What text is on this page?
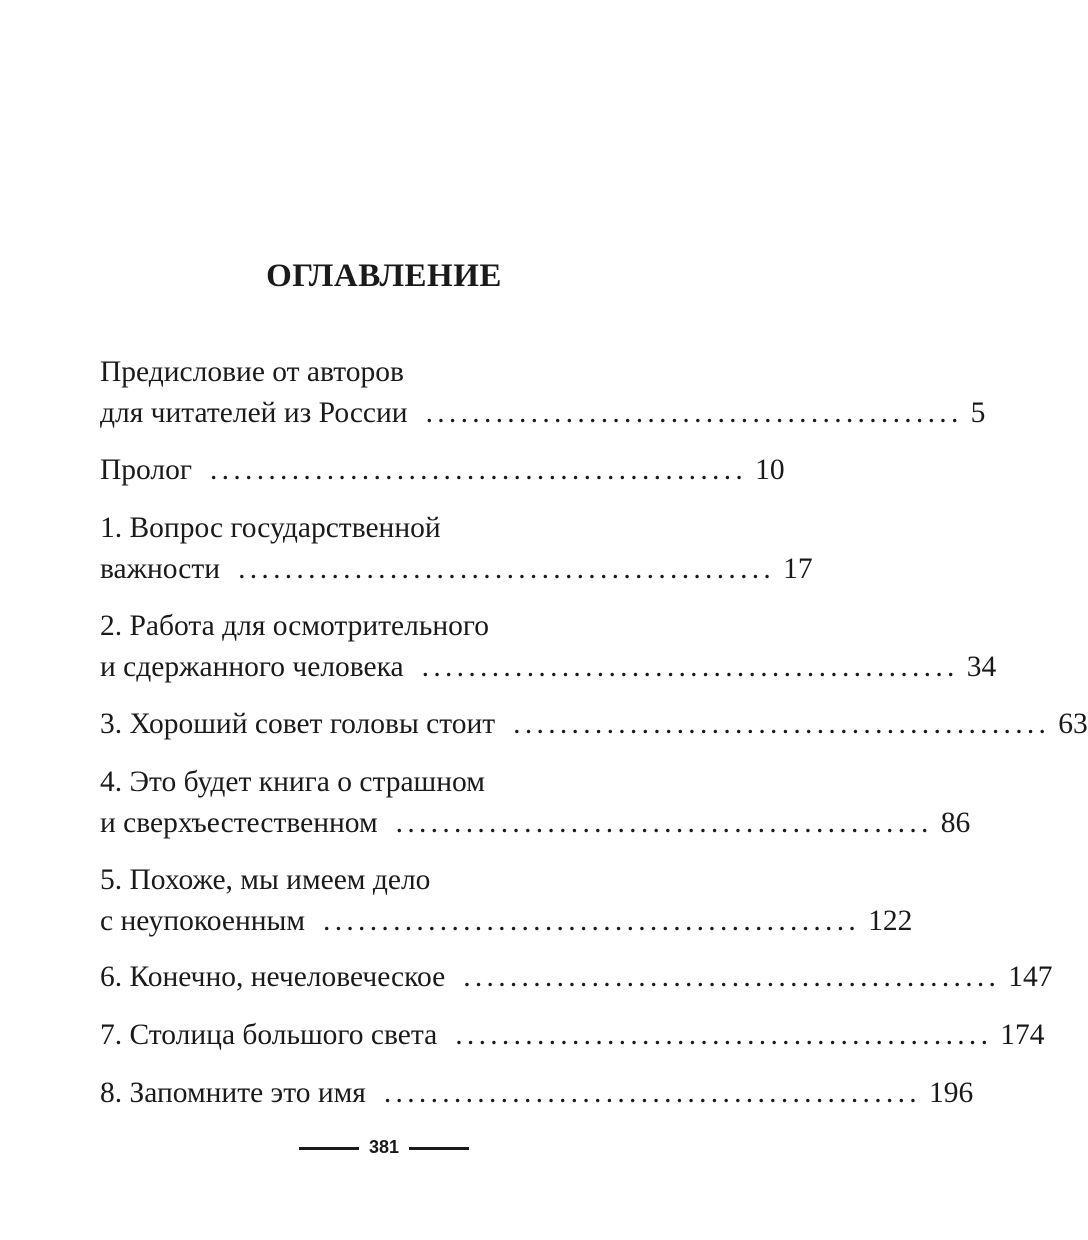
ОГЛАВЛЕНИЕ
Предисловие от авторов
для читателей из России .............................................. 5
Пролог .............................................. 10
1. Вопрос государственной
важности .............................................. 17
2. Работа для осмотрительного
и сдержанного человека .............................................. 34
3. Хороший совет головы стоит .............................................. 63
4. Это будет книга о страшном
и сверхъестественном .............................................. 86
5. Похоже, мы имеем дело
с неупокоенным .............................................. 122
6. Конечно, нечеловеческое .............................................. 147
7. Столица большого света .............................................. 174
8. Запомните это имя .............................................. 196
381
